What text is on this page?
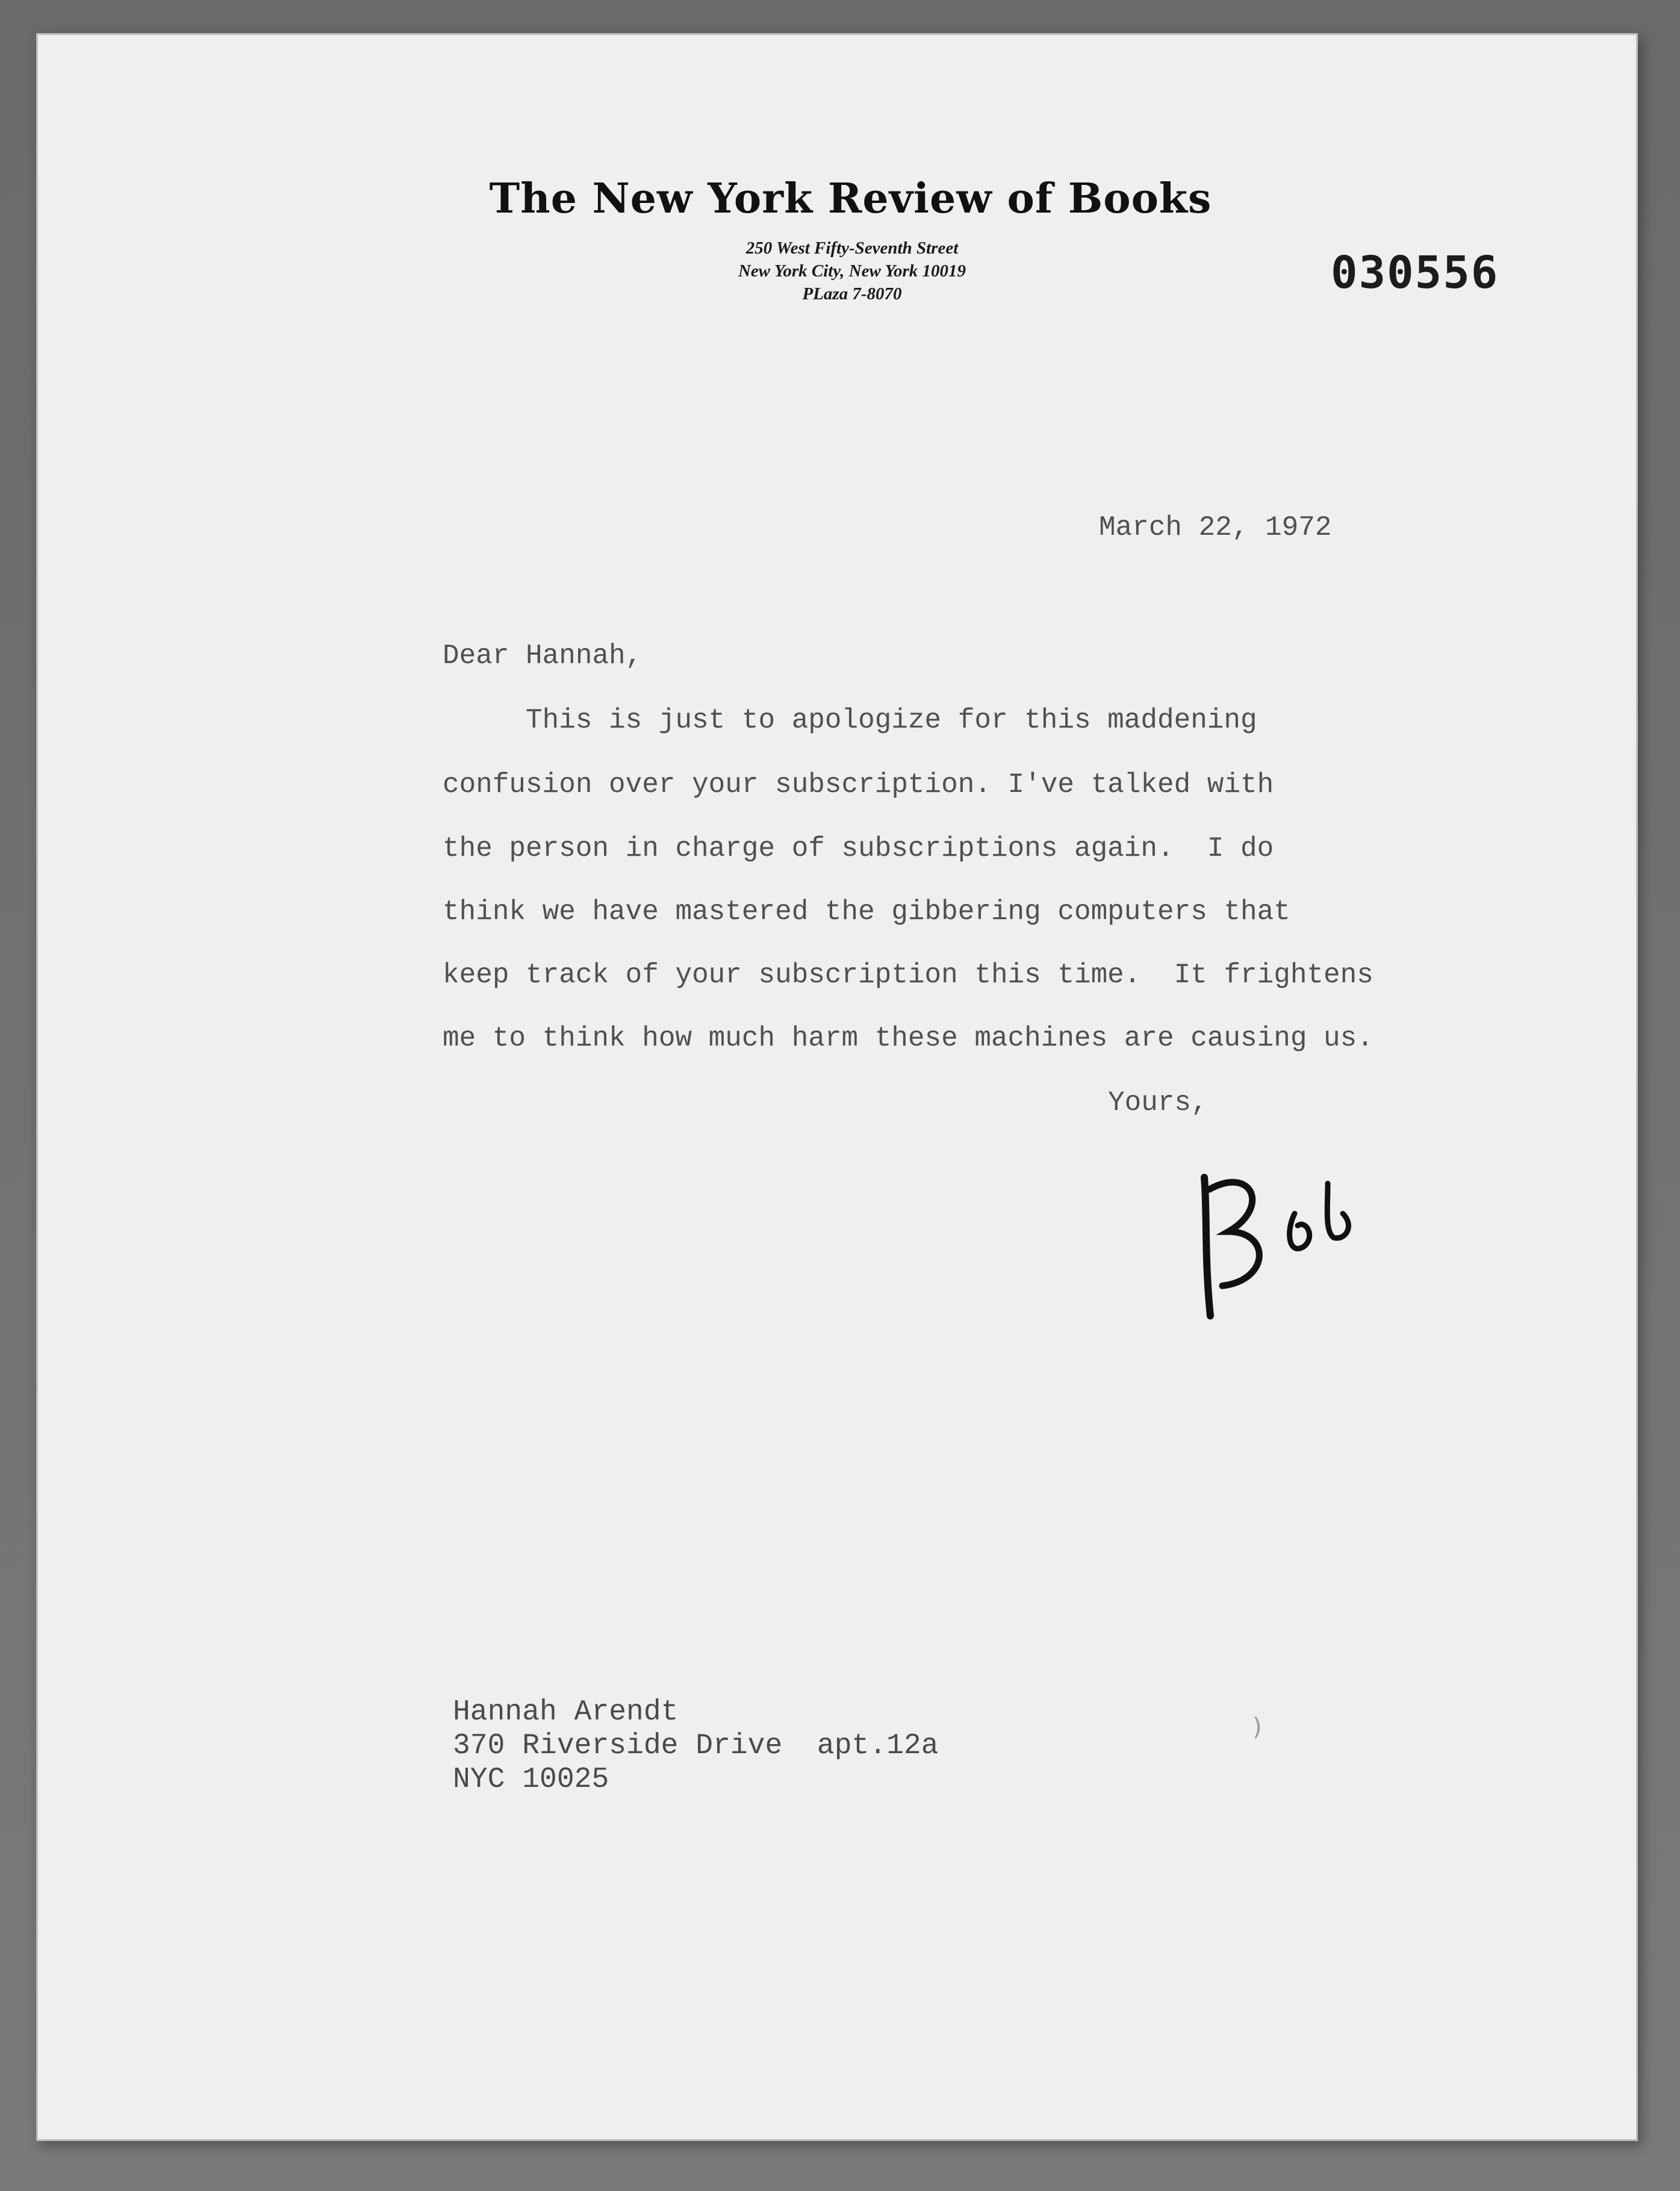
The New York Review of Books
250 West Fifty-Seventh Street
New York City, New York 10019
PLaza 7-8070	030556
March 22, 1972
Dear Hannah,
This is just to apologize for this maddening
confusion over your subscription. I've talked with
the person in charge of subscriptions again.  I do
think we have mastered the gibbering computers that
keep track of your subscription this time.  It frightens
me to think how much harm these machines are causing us.
Yours,
Hannah Arendt
370 Riverside Drive  apt.12a
NYC 10025
)
